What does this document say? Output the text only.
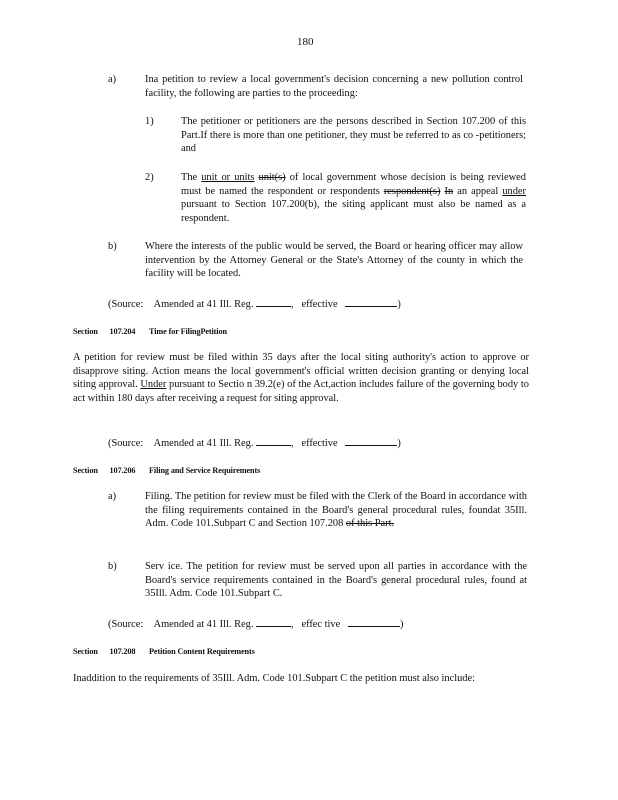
180
a)	Ina petition to review a local government's decision concerning a new pollution control facility, the following are parties to the proceeding:
1)	The petitioner or petitioners are the persons described in Section 107.200 of this Part.If there is more than one petitioner, they must be referred to as co -petitioners; and
2)	The unit or units unit(s) of local government whose decision is being reviewed must be named the respondent or respondents respondent(s) In an appeal under pursuant to Section 107.200(b), the siting applicant must also be named as a respondent.
b)	Where the interests of the public would be served, the Board or hearing officer may allow intervention by the Attorney General or the State's Attorney of the county in which the facility will be located.
(Source: Amended at 41 Ill. Reg.	, effective	)
Section 107.204 Time for FilingPetition
A petition for review must be filed within 35 days after the local siting authority's action to approve or disapprove siting. Action means the local government's official written decision granting or denying local siting approval. Under pursuant to Sectio n 39.2(e) of the Act,action includes failure of the governing body to act within 180 days after receiving a request for siting approval.
(Source: Amended at 41 Ill. Reg.	, effective	)
Section 107.206 Filing and Service Requirements
a)	Filing. The petition for review must be filed with the Clerk of the Board in accordance with the filing requirements contained in the Board's general procedural rules, foundat 35Ill. Adm. Code 101.Subpart C and Section 107.208 of this Part.
b)	Serv ice. The petition for review must be served upon all parties in accordance with the Board's service requirements contained in the Board's general procedural rules, found at 35Ill. Adm. Code 101.Subpart C.
(Source: Amended at 41 Ill. Reg.	, effec tive	)
Section 107.208 Petition Content Requirements
Inaddition to the requirements of 35Ill. Adm. Code 101.Subpart C the petition must also include:
